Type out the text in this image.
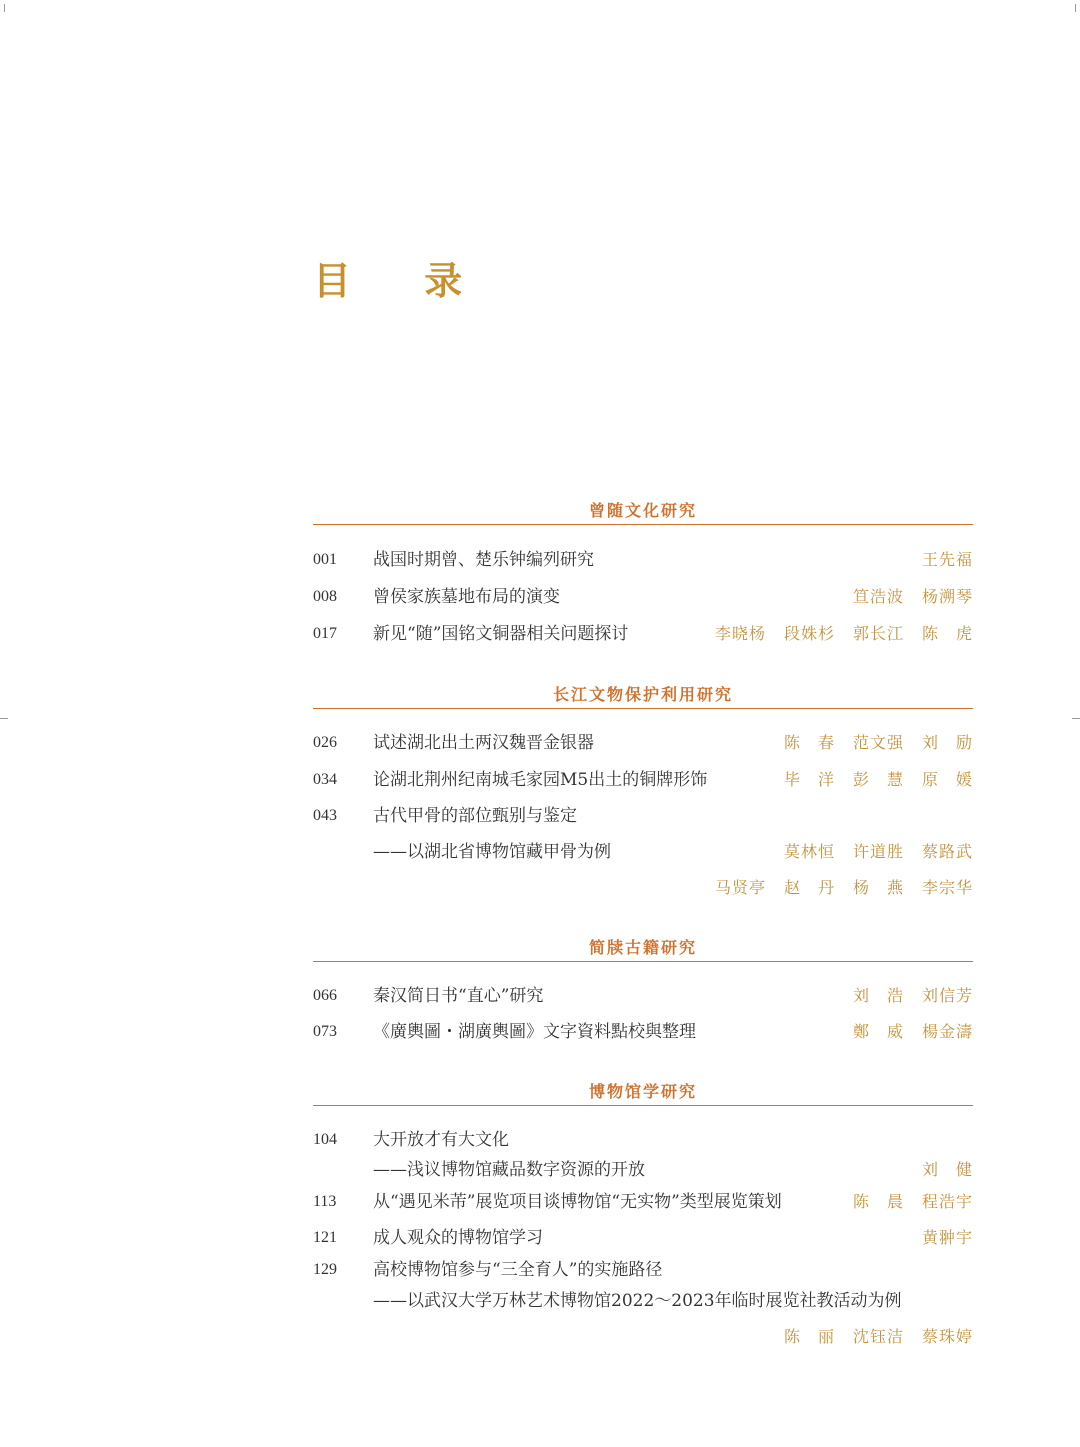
目 录
曾随文化研究
001 战国时期曾、楚乐钟编列研究	王先福
008 曾侯家族墓地布局的演变	笪浩波 杨溯琴
017 新见“随”国铭文铜器相关问题探讨	李晓杨 段姝杉 郭长江 陈　虎
长江文物保护利用研究
026 试述湖北出土两汉魏晋金银器	陈　春 范文强 刘　励
034 论湖北荆州纪南城毛家园M5出土的铜牌形饰	毕　洋 彭　慧 原　媛
043 古代甲骨的部位甄别与鉴定
——以湖北省博物馆藏甲骨为例	莫林恒 许道胜 蔡路武
马贤亭 赵　丹 杨　燕 李宗华
简牍古籍研究
066 秦汉简日书“直心”研究	刘　浩 刘信芳
073 《廣輿圖・湖廣輿圖》文字資料點校與整理	鄭　威 楊金濤
博物馆学研究
104 大开放才有大文化
——浅议博物馆藏品数字资源的开放	刘　健
113 从“遇见米芾”展览项目谈博物馆“无实物”类型展览策划	陈　晨 程浩宇
121 成人观众的博物馆学习	黄翀宇
129 高校博物馆参与“三全育人”的实施路径
——以武汉大学万林艺术博物馆2022～2023年临时展览社教活动为例
陈　丽 沈钰洁 蔡珠婷
